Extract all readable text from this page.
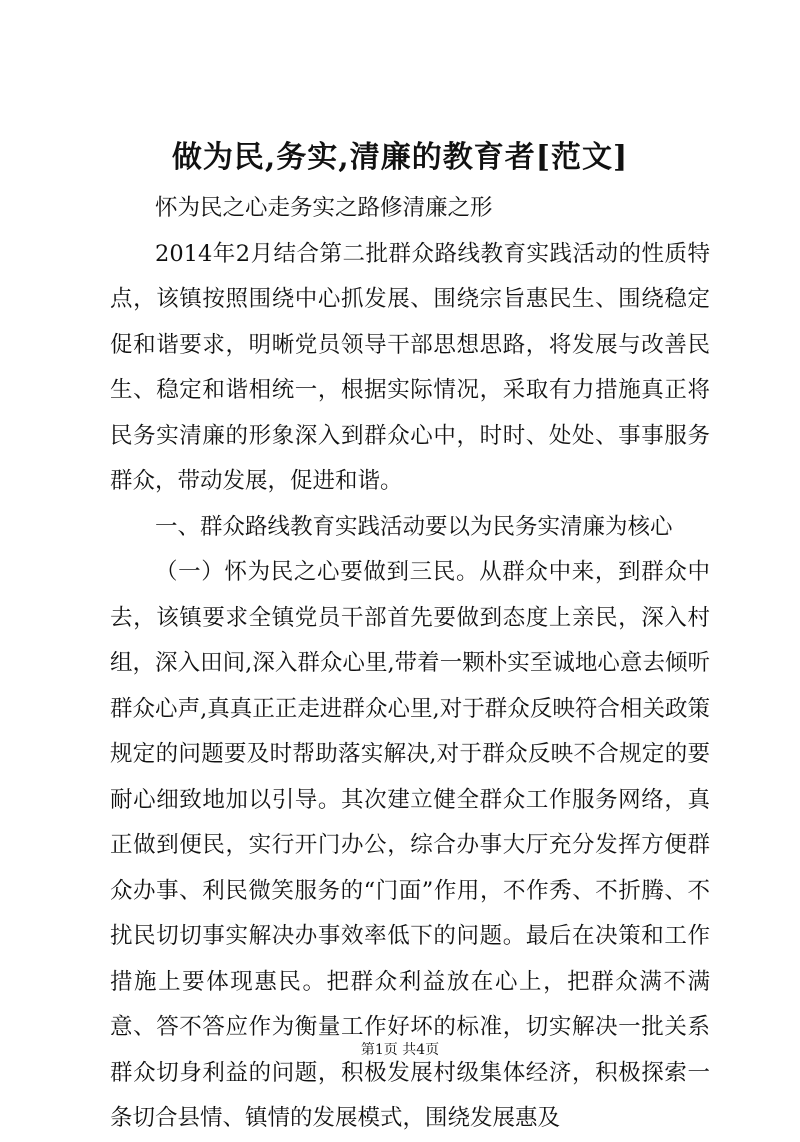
做为民,务实,清廉的教育者[范文]

怀为民之心走务实之路修清廉之形

2014年2月结合第二批群众路线教育实践活动的性质特点，该镇按照围绕中心抓发展、围绕宗旨惠民生、围绕稳定促和谐要求，明晰党员领导干部思想思路，将发展与改善民生、稳定和谐相统一，根据实际情况，采取有力措施真正将民务实清廉的形象深入到群众心中，时时、处处、事事服务群众，带动发展，促进和谐。

一、群众路线教育实践活动要以为民务实清廉为核心

（一）怀为民之心要做到三民。从群众中来，到群众中去，该镇要求全镇党员干部首先要做到态度上亲民，深入村组，深入田间,深入群众心里,带着一颗朴实至诚地心意去倾听群众心声,真真正正走进群众心里,对于群众反映符合相关政策规定的问题要及时帮助落实解决,对于群众反映不合规定的要耐心细致地加以引导。其次建立健全群众工作服务网络，真正做到便民，实行开门办公，综合办事大厅充分发挥方便群众办事、利民微笑服务的“门面”作用，不作秀、不折腾、不扰民切切事实解决办事效率低下的问题。最后在决策和工作措施上要体现惠民。把群众利益放在心上，把群众满不满意、答不答应作为衡量工作好坏的标准，切实解决一批关系群众切身利益的问题，积极发展村级集体经济，积极探索一条切合县情、镇情的发展模式，围绕发展惠及

第1页 共4页
